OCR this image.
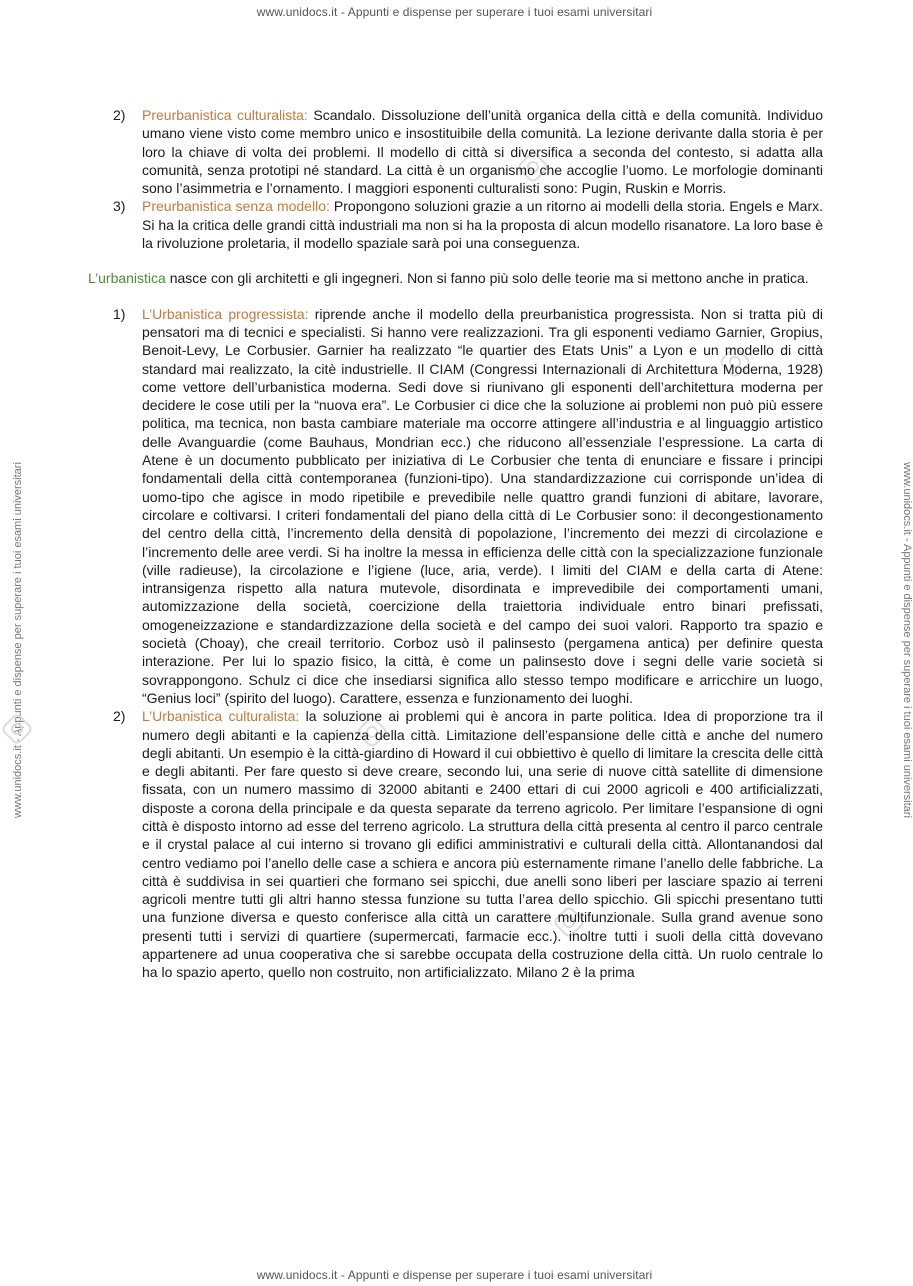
www.unidocs.it - Appunti e dispense per superare i tuoi esami universitari
www.unidocs.it - Appunti e dispense per superare i tuoi esami universitari	www.unidocs.it - Appunti e dispense per superare i tuoi esami universitari
2) Preurbanistica culturalista: Scandalo. Dissoluzione dell’unità organica della città e della comunità. Individuo umano viene visto come membro unico e insostituibile della comunità. La lezione derivante dalla storia è per loro la chiave di volta dei problemi. Il modello di città si diversifica a seconda del contesto, si adatta alla comunità, senza prototipi né standard. La città è un organismo che accoglie l’uomo. Le morfologie dominanti sono l’asimmetria e l’ornamento. I maggiori esponenti culturalisti sono: Pugin, Ruskin e Morris.

3) Preurbanistica senza modello: Propongono soluzioni grazie a un ritorno ai modelli della storia. Engels e Marx. Si ha la critica delle grandi città industriali ma non si ha la proposta di alcun modello risanatore. La loro base è la rivoluzione proletaria, il modello spaziale sarà poi una conseguenza.

L’urbanistica nasce con gli architetti e gli ingegneri. Non si fanno più solo delle teorie ma si mettono anche in pratica.

1) L’Urbanistica progressista: riprende anche il modello della preurbanistica progressista. Non si tratta più di pensatori ma di tecnici e specialisti. Si hanno vere realizzazioni. Tra gli esponenti vediamo Garnier, Gropius, Benoit-Levy, Le Corbusier. Garnier ha realizzato “le quartier des Etats Unis” a Lyon e un modello di città standard mai realizzato, la citè industrielle. Il CIAM (Congressi Internazionali di Architettura Moderna, 1928) come vettore dell’urbanistica moderna. Sedi dove si riunivano gli esponenti dell’architettura moderna per decidere le cose utili per la “nuova era”. Le Corbusier ci dice che la soluzione ai problemi non può più essere politica, ma tecnica, non basta cambiare materiale ma occorre attingere all’industria e al linguaggio artistico delle Avanguardie (come Bauhaus, Mondrian ecc.) che riducono all’essenziale l’espressione. La carta di Atene è un documento pubblicato per iniziativa di Le Corbusier che tenta di enunciare e fissare i principi fondamentali della città contemporanea (funzioni-tipo). Una standardizzazione cui corrisponde un’idea di uomo-tipo che agisce in modo ripetibile e prevedibile nelle quattro grandi funzioni di abitare, lavorare, circolare e coltivarsi. I criteri fondamentali del piano della città di Le Corbusier sono: il decongestionamento del centro della città, l’incremento della densità di popolazione, l’incremento dei mezzi di circolazione e l’incremento delle aree verdi. Si ha inoltre la messa in efficienza delle città con la specializzazione funzionale (ville radieuse), la circolazione e l’igiene (luce, aria, verde). I limiti del CIAM e della carta di Atene: intransigenza rispetto alla natura mutevole, disordinata e imprevedibile dei comportamenti umani, automizzazione della società, coercizione della traiettoria individuale entro binari prefissati, omogeneizzazione e standardizzazione della società e del campo dei suoi valori. Rapporto tra spazio e società (Choay), che creail territorio. Corboz usò il palinsesto (pergamena antica) per definire questa interazione. Per lui lo spazio fisico, la città, è come un palinsesto dove i segni delle varie società si sovrappongono. Schulz ci dice che insediarsi significa allo stesso tempo modificare e arricchire un luogo, “Genius loci” (spirito del luogo). Carattere, essenza e funzionamento dei luoghi.

2) L’Urbanistica culturalista: la soluzione ai problemi qui è ancora in parte politica. Idea di proporzione tra il numero degli abitanti e la capienza della città. Limitazione dell’espansione delle città e anche del numero degli abitanti. Un esempio è la città-giardino di Howard il cui obbiettivo è quello di limitare la crescita delle città e degli abitanti. Per fare questo si deve creare, secondo lui, una serie di nuove città satellite di dimensione fissata, con un numero massimo di 32000 abitanti e 2400 ettari di cui 2000 agricoli e 400 artificializzati, disposte a corona della principale e da questa separate da terreno agricolo. Per limitare l’espansione di ogni città è disposto intorno ad esse del terreno agricolo. La struttura della città presenta al centro il parco centrale e il crystal palace al cui interno si trovano gli edifici amministrativi e culturali della città. Allontanandosi dal centro vediamo poi l’anello delle case a schiera e ancora più esternamente rimane l’anello delle fabbriche. La città è suddivisa in sei quartieri che formano sei spicchi, due anelli sono liberi per lasciare spazio ai terreni agricoli mentre tutti gli altri hanno stessa funzione su tutta l’area dello spicchio. Gli spicchi presentano tutti una funzione diversa e questo conferisce alla città un carattere multifunzionale. Sulla grand avenue sono presenti tutti i servizi di quartiere (supermercati, farmacie ecc.). inoltre tutti i suoli della città dovevano appartenere ad unua cooperativa che si sarebbe occupata della costruzione della città. Un ruolo centrale lo ha lo spazio aperto, quello non costruito, non artificializzato. Milano 2 è la prima

www.unidocs.it - Appunti e dispense per superare i tuoi esami universitari
